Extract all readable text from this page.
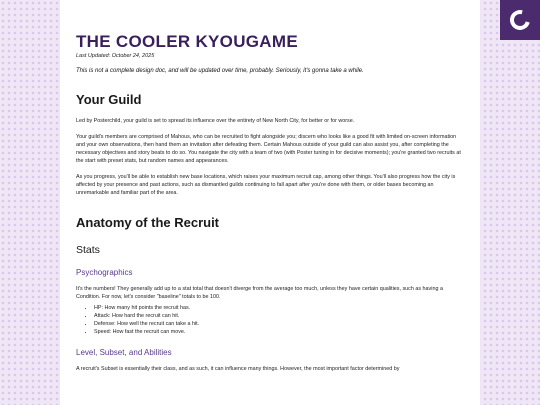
THE COOLER KYOUGAME
Last Updated: October 24, 2025
This is not a complete design doc, and will be updated over time, probably. Seriously, it's gonna take a while.
Your Guild

Led by Posterchild, your guild is set to spread its influence over the entirety of New North City, for better or for worse.

Your guild's members are comprised of Mahous, who can be recruited to fight alongside you; discern who looks like a good fit with limited on-screen information and your own observations, then hand them an invitation after defeating them. Certain Mahous outside of your guild can also assist you, after completing the necessary objectives and story beats to do so. You navigate the city with a team of two (with Poster tuning in for decisive moments); you're granted two recruits at the start with preset stats, but random names and appearances.

As you progress, you'll be able to establish new base locations, which raises your maximum recruit cap, among other things. You'll also progress how the city is affected by your presence and past actions, such as dismantled guilds continuing to fall apart after you're done with them, or older bases becoming an unremarkable and familiar part of the area.

Anatomy of the Recruit
Stats
Psychographics

It's the numbers! They generally add up to a stat total that doesn't diverge from the average too much, unless they have certain qualities, such as having a Condition. For now, let's consider "baseline" totals to be 100.

• HP: How many hit points the recruit has.
• Attack: How hard the recruit can hit.
• Defense: How well the recruit can take a hit.
• Speed: How fast the recruit can move.
Level, Subset, and Abilities

A recruit's Subset is essentially their class, and as such, it can influence many things. However, the most important factor determined by
